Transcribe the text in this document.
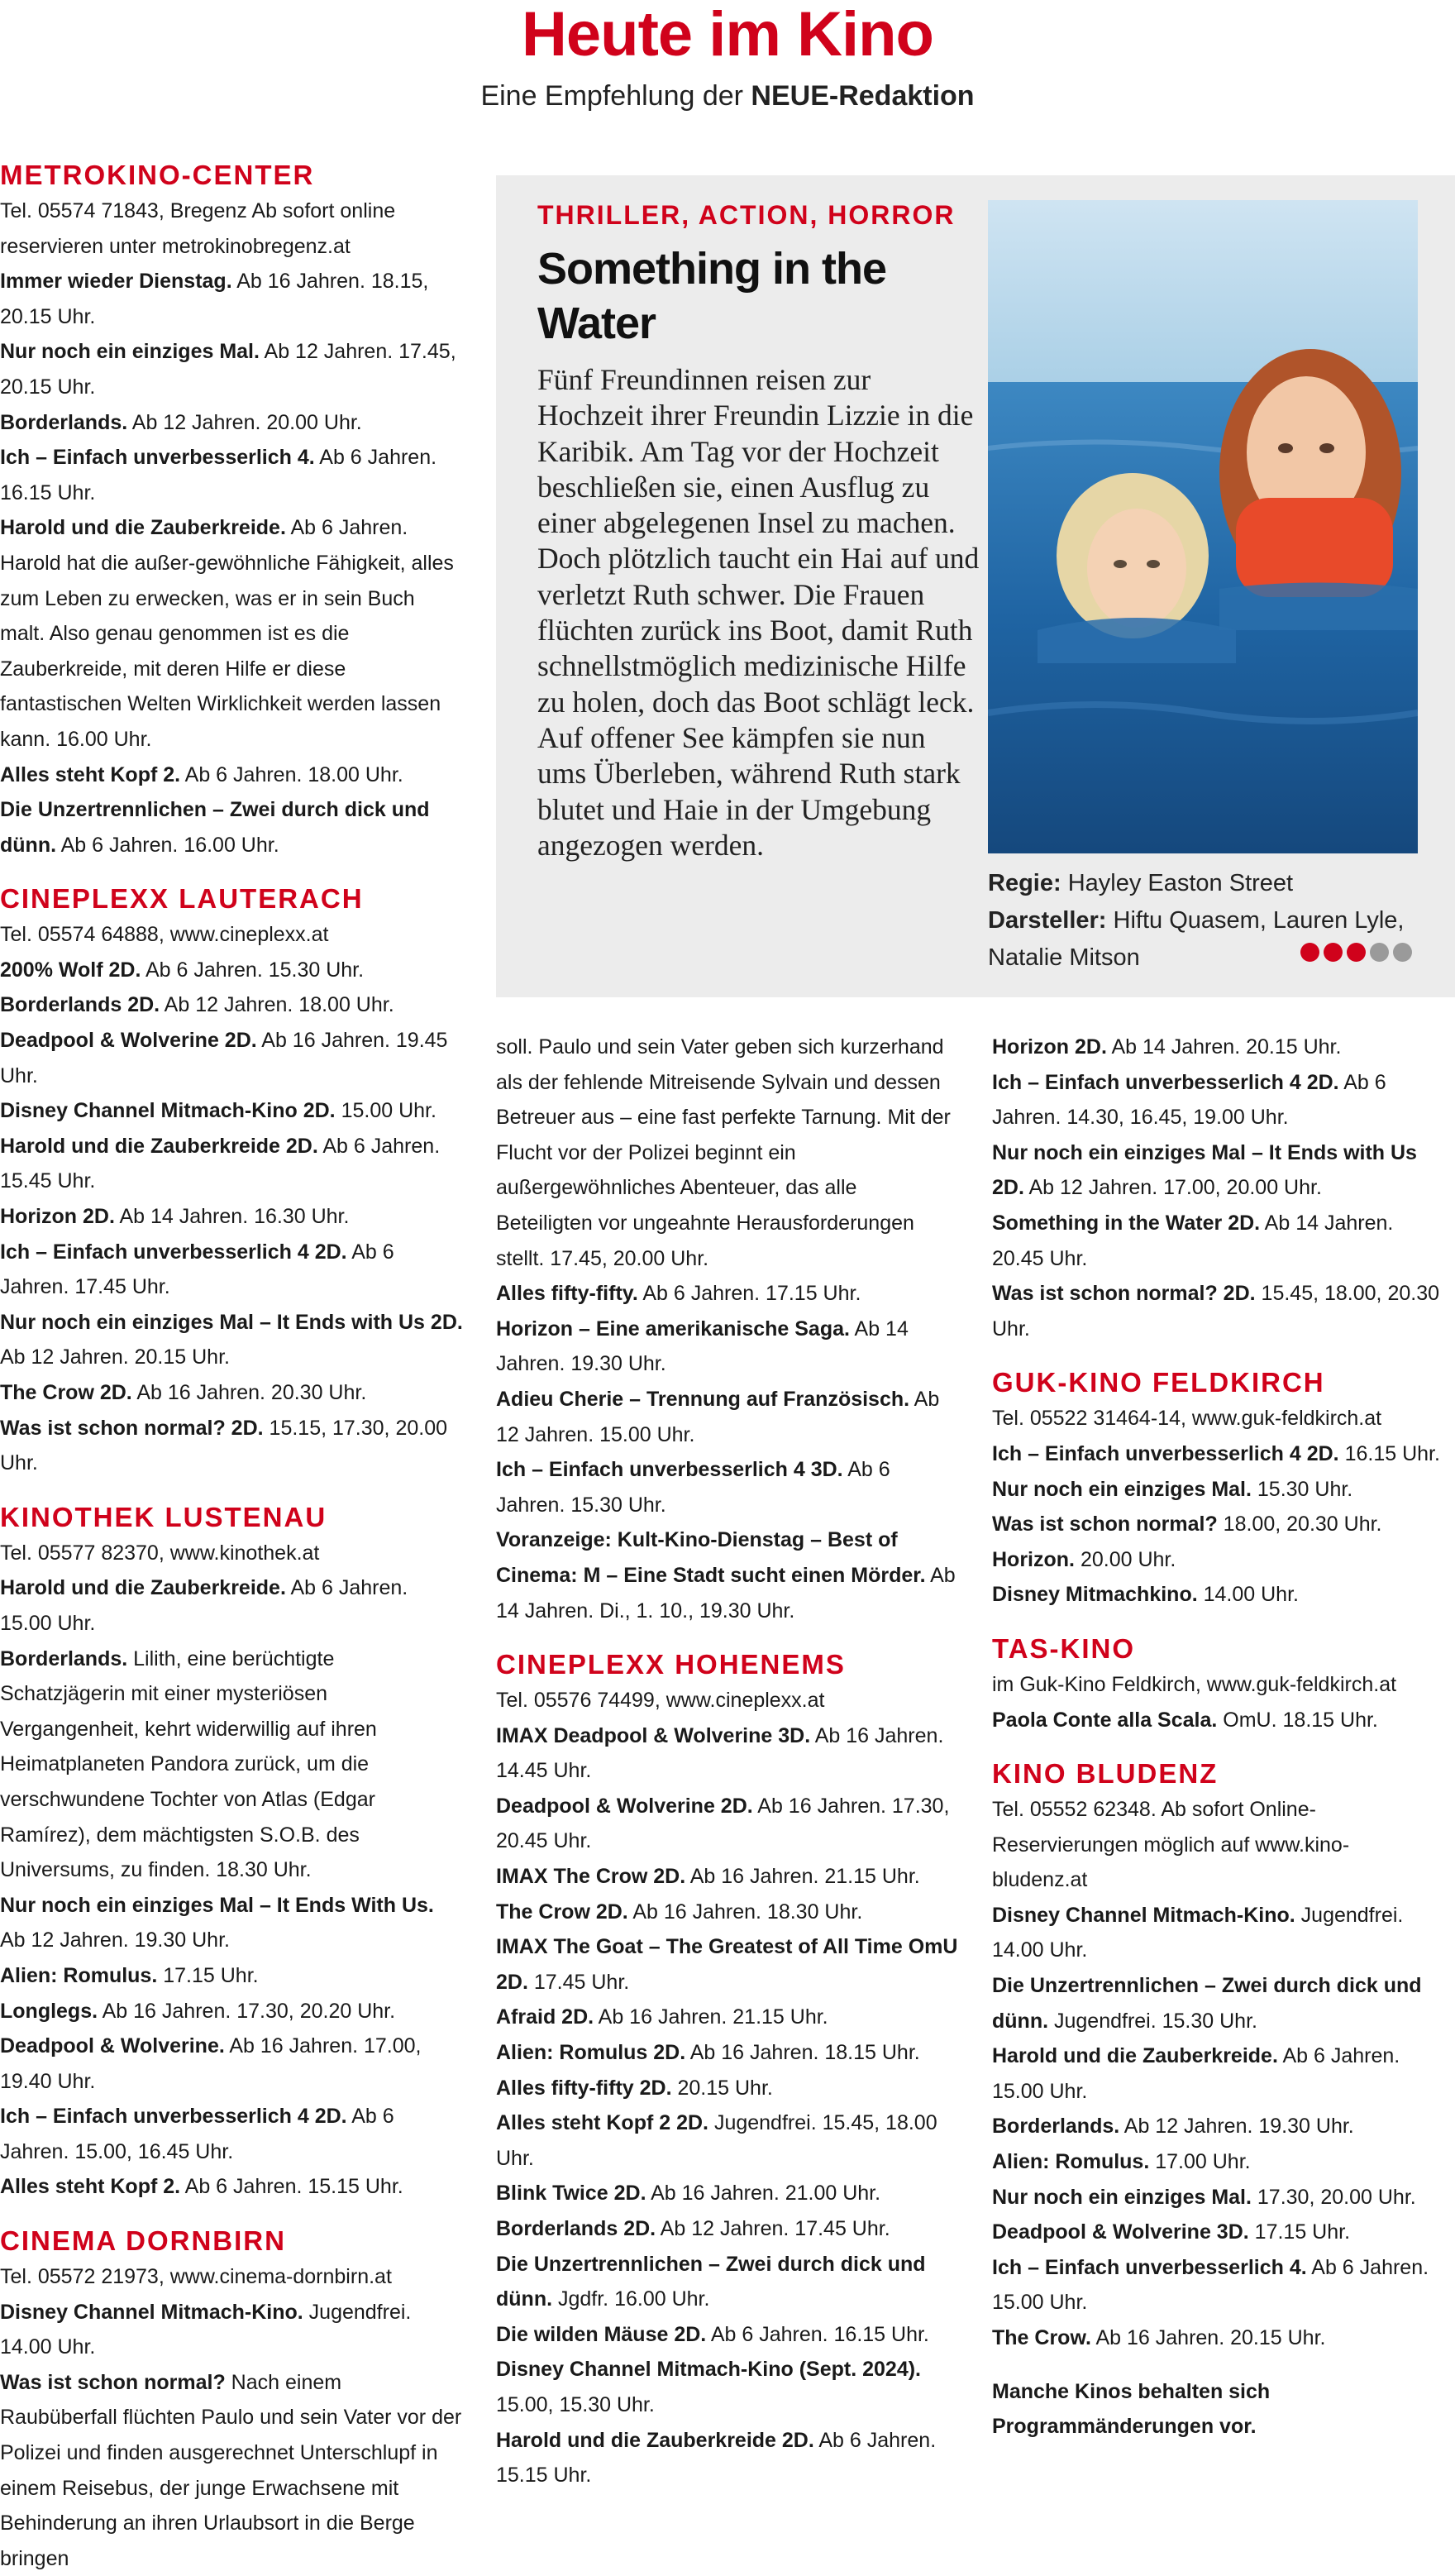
Heute im Kino
Eine Empfehlung der NEUE-Redaktion

METROKINO-CENTER

Tel. 05574 71843, Bregenz Ab sofort online reservieren unter metrokinobregenz.at

Immer wieder Dienstag. Ab 16 Jahren. 18.15, 20.15 Uhr.

Nur noch ein einziges Mal. Ab 12 Jahren. 17.45, 20.15 Uhr.

Borderlands. Ab 12 Jahren. 20.00 Uhr.

Ich – Einfach unverbesserlich 4. Ab 6 Jahren. 16.15 Uhr.

Harold und die Zauberkreide. Ab 6 Jahren. Harold hat die außer-gewöhnliche Fähigkeit, alles zum Leben zu erwecken, was er in sein Buch malt. Also genau genommen ist es die Zauberkreide, mit deren Hilfe er diese fantastischen Welten Wirklichkeit werden lassen kann. 16.00 Uhr.

Alles steht Kopf 2. Ab 6 Jahren. 18.00 Uhr.

Die Unzertrennlichen – Zwei durch dick und dünn. Ab 6 Jahren. 16.00 Uhr.

CINEPLEXX LAUTERACH

Tel. 05574 64888, www.cineplexx.at

200% Wolf 2D. Ab 6 Jahren. 15.30 Uhr.

Borderlands 2D. Ab 12 Jahren. 18.00 Uhr.

Deadpool & Wolverine 2D. Ab 16 Jahren. 19.45 Uhr.

Disney Channel Mitmach-Kino 2D. 15.00 Uhr.

Harold und die Zauberkreide 2D. Ab 6 Jahren. 15.45 Uhr.

Horizon 2D. Ab 14 Jahren. 16.30 Uhr.

Ich – Einfach unverbesserlich 4 2D. Ab 6 Jahren. 17.45 Uhr.

Nur noch ein einziges Mal – It Ends with Us 2D. Ab 12 Jahren. 20.15 Uhr.

The Crow 2D. Ab 16 Jahren. 20.30 Uhr.

Was ist schon normal? 2D. 15.15, 17.30, 20.00 Uhr.

KINOTHEK LUSTENAU

Tel. 05577 82370, www.kinothek.at

Harold und die Zauberkreide. Ab 6 Jahren. 15.00 Uhr.

Borderlands. Lilith, eine berüchtigte Schatzjägerin mit einer mysteriösen Vergangenheit, kehrt widerwillig auf ihren Heimatplaneten Pandora zurück, um die verschwundene Tochter von Atlas (Edgar Ramírez), dem mächtigsten S.O.B. des Universums, zu finden. 18.30 Uhr.

Nur noch ein einziges Mal – It Ends With Us. Ab 12 Jahren. 19.30 Uhr.

Alien: Romulus. 17.15 Uhr.

Longlegs. Ab 16 Jahren. 17.30, 20.20 Uhr.

Deadpool & Wolverine. Ab 16 Jahren. 17.00, 19.40 Uhr.

Ich – Einfach unverbesserlich 4 2D. Ab 6 Jahren. 15.00, 16.45 Uhr.

Alles steht Kopf 2. Ab 6 Jahren. 15.15 Uhr.

CINEMA DORNBIRN

Tel. 05572 21973, www.cinema-dornbirn.at

Disney Channel Mitmach-Kino. Jugendfrei. 14.00 Uhr.

Was ist schon normal? Nach einem Raubüberfall flüchten Paulo und sein Vater vor der Polizei und finden ausgerechnet Unterschlupf in einem Reisebus, der junge Erwachsene mit Behinderung an ihren Urlaubsort in die Berge bringen

THRILLER, ACTION, HORROR
Something in the Water
Fünf Freundinnen reisen zur Hochzeit ihrer Freundin Lizzie in die Karibik. Am Tag vor der Hochzeit beschließen sie, einen Ausflug zu einer abgelegenen Insel zu machen. Doch plötzlich taucht ein Hai auf und verletzt Ruth schwer. Die Frauen flüchten zurück ins Boot, damit Ruth schnellstmöglich medizinische Hilfe zu holen, doch das Boot schlägt leck. Auf offener See kämpfen sie nun ums Überleben, während Ruth stark blutet und Haie in der Umgebung angezogen werden.
Regie: Hayley Easton Street
Darsteller: Hiftu Quasem, Lauren Lyle, Natalie Mitson

soll. Paulo und sein Vater geben sich kurzerhand als der fehlende Mitreisende Sylvain und dessen Betreuer aus – eine fast perfekte Tarnung. Mit der Flucht vor der Polizei beginnt ein außergewöhnliches Abenteuer, das alle Beteiligten vor ungeahnte Herausforderungen stellt. 17.45, 20.00 Uhr.

Alles fifty-fifty. Ab 6 Jahren. 17.15 Uhr.

Horizon – Eine amerikanische Saga. Ab 14 Jahren. 19.30 Uhr.

Adieu Cherie – Trennung auf Französisch. Ab 12 Jahren. 15.00 Uhr.

Ich – Einfach unverbesserlich 4 3D. Ab 6 Jahren. 15.30 Uhr.

Voranzeige: Kult-Kino-Dienstag – Best of Cinema: M – Eine Stadt sucht einen Mörder. Ab 14 Jahren. Di., 1. 10., 19.30 Uhr.

CINEPLEXX HOHENEMS

Tel. 05576 74499, www.cineplexx.at

IMAX Deadpool & Wolverine 3D. Ab 16 Jahren. 14.45 Uhr.

Deadpool & Wolverine 2D. Ab 16 Jahren. 17.30, 20.45 Uhr.

IMAX The Crow 2D. Ab 16 Jahren. 21.15 Uhr.

The Crow 2D. Ab 16 Jahren. 18.30 Uhr.

IMAX The Goat – The Greatest of All Time OmU 2D. 17.45 Uhr.

Afraid 2D. Ab 16 Jahren. 21.15 Uhr.

Alien: Romulus 2D. Ab 16 Jahren. 18.15 Uhr.

Alles fifty-fifty 2D. 20.15 Uhr.

Alles steht Kopf 2 2D. Jugendfrei. 15.45, 18.00 Uhr.

Blink Twice 2D. Ab 16 Jahren. 21.00 Uhr.

Borderlands 2D. Ab 12 Jahren. 17.45 Uhr.

Die Unzertrennlichen – Zwei durch dick und dünn. Jgdfr. 16.00 Uhr.

Die wilden Mäuse 2D. Ab 6 Jahren. 16.15 Uhr.

Disney Channel Mitmach-Kino (Sept. 2024). 15.00, 15.30 Uhr.

Harold und die Zauberkreide 2D. Ab 6 Jahren. 15.15 Uhr.

Horizon 2D. Ab 14 Jahren. 20.15 Uhr.

Ich – Einfach unverbesserlich 4 2D. Ab 6 Jahren. 14.30, 16.45, 19.00 Uhr.

Nur noch ein einziges Mal – It Ends with Us 2D. Ab 12 Jahren. 17.00, 20.00 Uhr.

Something in the Water 2D. Ab 14 Jahren. 20.45 Uhr.

Was ist schon normal? 2D. 15.45, 18.00, 20.30 Uhr.

GUK-KINO FELDKIRCH

Tel. 05522 31464-14, www.guk-feldkirch.at

Ich – Einfach unverbesserlich 4 2D. 16.15 Uhr.

Nur noch ein einziges Mal. 15.30 Uhr.

Was ist schon normal? 18.00, 20.30 Uhr.

Horizon. 20.00 Uhr.

Disney Mitmachkino. 14.00 Uhr.

TAS-KINO

im Guk-Kino Feldkirch, www.guk-feldkirch.at

Paola Conte alla Scala. OmU. 18.15 Uhr.

KINO BLUDENZ

Tel. 05552 62348. Ab sofort Online-Reservierungen möglich auf www.kino-bludenz.at

Disney Channel Mitmach-Kino. Jugendfrei. 14.00 Uhr.

Die Unzertrennlichen – Zwei durch dick und dünn. Jugendfrei. 15.30 Uhr.

Harold und die Zauberkreide. Ab 6 Jahren. 15.00 Uhr.

Borderlands. Ab 12 Jahren. 19.30 Uhr.

Alien: Romulus. 17.00 Uhr.

Nur noch ein einziges Mal. 17.30, 20.00 Uhr.

Deadpool & Wolverine 3D. 17.15 Uhr.

Ich – Einfach unverbesserlich 4. Ab 6 Jahren. 15.00 Uhr.

The Crow. Ab 16 Jahren. 20.15 Uhr.

Manche Kinos behalten sich Programmänderungen vor.
